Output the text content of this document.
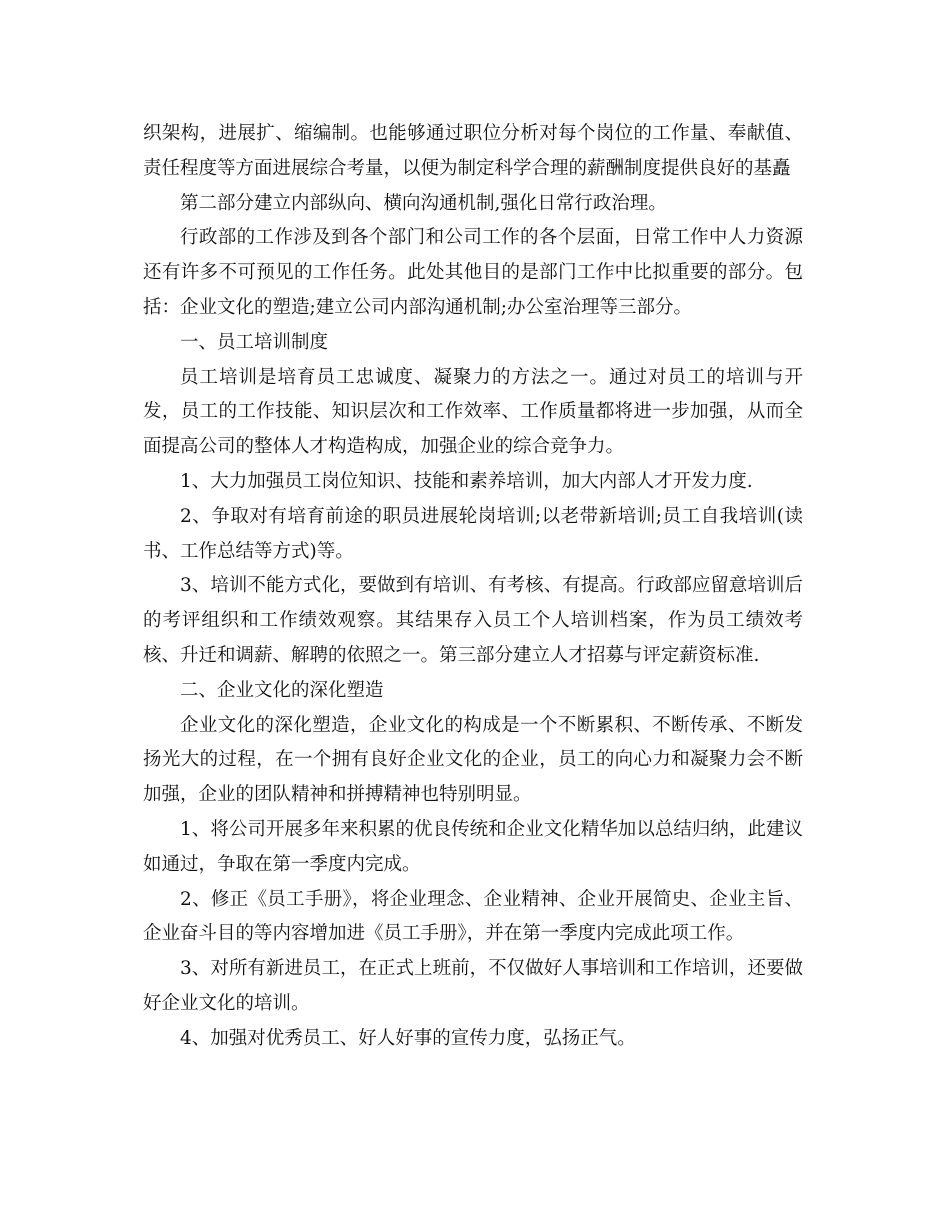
织架构，进展扩、缩编制。也能够通过职位分析对每个岗位的工作量、奉献值、责任程度等方面进展综合考量，以便为制定科学合理的薪酬制度提供良好的基矗

第二部分建立内部纵向、横向沟通机制,强化日常行政治理。

行政部的工作涉及到各个部门和公司工作的各个层面，日常工作中人力资源还有许多不可预见的工作任务。此处其他目的是部门工作中比拟重要的部分。包括：企业文化的塑造;建立公司内部沟通机制;办公室治理等三部分。

一、员工培训制度

员工培训是培育员工忠诚度、凝聚力的方法之一。通过对员工的培训与开发，员工的工作技能、知识层次和工作效率、工作质量都将进一步加强，从而全面提高公司的整体人才构造构成，加强企业的综合竞争力。

1、大力加强员工岗位知识、技能和素养培训，加大内部人才开发力度.

2、争取对有培育前途的职员进展轮岗培训;以老带新培训;员工自我培训(读书、工作总结等方式)等。

3、培训不能方式化，要做到有培训、有考核、有提高。行政部应留意培训后的考评组织和工作绩效观察。其结果存入员工个人培训档案，作为员工绩效考核、升迁和调薪、解聘的依照之一。第三部分建立人才招募与评定薪资标准.

二、企业文化的深化塑造

企业文化的深化塑造，企业文化的构成是一个不断累积、不断传承、不断发扬光大的过程，在一个拥有良好企业文化的企业，员工的向心力和凝聚力会不断加强，企业的团队精神和拼搏精神也特别明显。

1、将公司开展多年来积累的优良传统和企业文化精华加以总结归纳，此建议如通过，争取在第一季度内完成。

2、修正《员工手册》，将企业理念、企业精神、企业开展简史、企业主旨、企业奋斗目的等内容增加进《员工手册》，并在第一季度内完成此项工作。

3、对所有新进员工，在正式上班前，不仅做好人事培训和工作培训，还要做好企业文化的培训。

4、加强对优秀员工、好人好事的宣传力度，弘扬正气。
